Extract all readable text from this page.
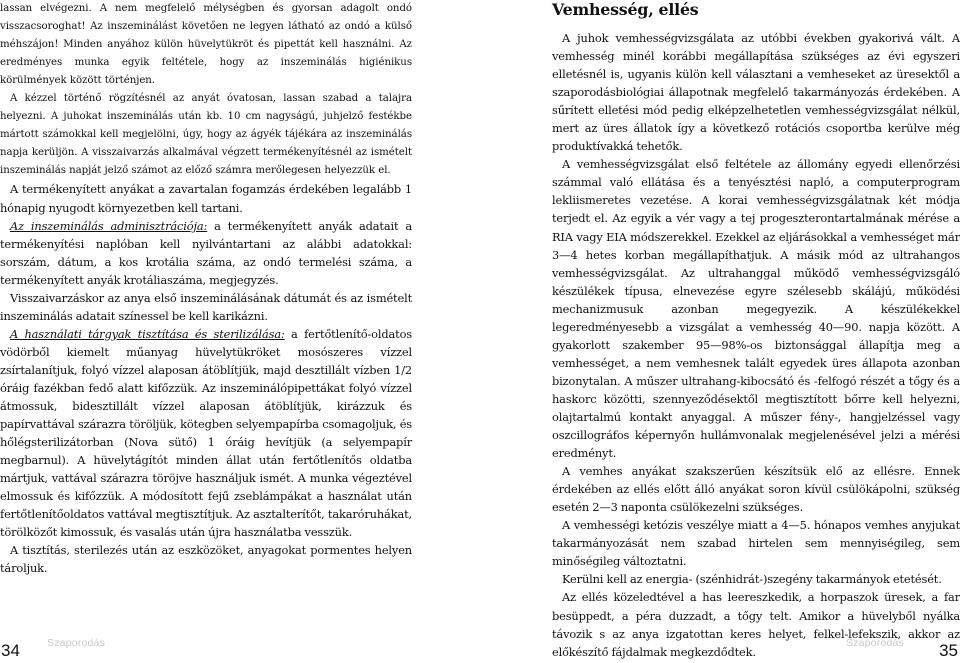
lassan elvégezni. A nem megfelelő mélységben és gyorsan adagolt ondó visszacsoroghat! Az inszeminálást követően ne legyen látható az ondó a külső méhszájon! Minden anyához külön hüvelytükröt és pipettát kell használni. Az eredményes munka egyik feltétele, hogy az inszeminálás higiénikus körülmények között történjen.

A kézzel történő rögzítésnél az anyát óvatosan, lassan szabad a talajra helyezni. A juhokat inszeminálás után kb. 10 cm nagyságú, juhjelző festékbe mártott számokkal kell megjelölni, úgy, hogy az ágyék tájékára az inszeminálás napja kerüljön. A visszaivarzás alkalmával végzett termékenyítésnél az ismételt inszeminálás napját jelző számot az előző számra merőlegesen helyezzük el.

A termékenyített anyákat a zavartalan fogamzás érdekében legalább 1 hónapig nyugodt környezetben kell tartani.

Az inszeminálás adminisztrációja: a termékenyített anyák adatait a termékenyítési naplóban kell nyilvántartani az alábbi adatokkal: sorszám, dátum, a kos krotália száma, az ondó termelési száma, a termékenyített anyák krotáliaszáma, megjegyzés.

Visszaivarzáskor az anya első inszeminálásának dátumát és az ismételt inszeminálás adatait színessel be kell karikázni.

A használati tárgyak tisztítása és sterilizálása: a fertőtlenítő-oldatos vödörből kiemelt műanyag hüvelytükröket mosószeres vízzel zsírtalanítjuk, folyó vízzel alaposan átöblítjük, majd desztillált vízben 1/2 óráig fazékban fedő alatt kifőzzük. Az inszeminálópipettákat folyó vízzel átmossuk, bidesztillált vízzel alaposan átöblítjük, kirázzuk és papírvattával szárazra töröljük, kötegben selyempapírba csomagoljuk, és hőlégsterilizátorban (Nova sütő) 1 óráig hevítjük (a selyempapír megbarnul). A hüvelytágítót minden állat után fertőtlenítős oldatba mártjuk, vattával szárazra töröjve használjuk ismét. A munka végeztével elmossuk és kifőzzük. A módosított fejű zseblámpákat a használat után fertőtlenítőoldatos vattával megtisztítjuk. Az asztalterítőt, takaróruhákat, törölközőt kimossuk, és vasalás után újra használatba vesszük.

A tisztítás, sterilezés után az eszközöket, anyagokat pormentes helyen tároljuk.

Vemhesség, ellés

A juhok vemhességvizsgálata az utóbbi években gyakorivá vált. A vemhesség minél korábbi megállapítása szükséges az évi egyszeri elletésnél is, ugyanis külön kell választani a vemheseket az üresektől a szaporodásbiológiai állapotnak megfelelő takarmányozás érdekében. A sűrített elletési mód pedig elképzelhetetlen vemhességvizsgálat nélkül, mert az üres állatok így a következő rotációs csoportba kerülve még produktívakká tehetők.

A vemhességvizsgálat első feltétele az állomány egyedi ellenőrzési számmal való ellátása és a tenyésztési napló, a computerprogram lekliismeretes vezetése. A korai vemhességvizsgálatnak két módja terjedt el. Az egyik a vér vagy a tej progeszterontartalmának mérése a RIA vagy EIA módszerekkel. Ezekkel az eljárásokkal a vemhességet már 3—4 hetes korban megállapíthatjuk. A másik mód az ultrahangos vemhességvizsgálat. Az ultrahanggal működő vemhességvizsgáló készülékek típusa, elnevezése egyre szélesebb skálájú, működési mechanizmusuk azonban megegyezik. A készülékekkel legeredményesebb a vizsgálat a vemhesség 40—90. napja között. A gyakorlott szakember 95—98%-os biztonsággal állapítja meg a vemhességet, a nem vemhesnek talált egyedek üres állapota azonban bizonytalan. A műszer ultrahang-kibocsátó és -felfogó részét a tőgy és a haskorc közötti, szennyeződésektől megtisztított bőrre kell helyezni, olajtartalmú kontakt anyaggal. A műszer fény-, hangjelzéssel vagy oszcillográfos képernyőn hullámvonalak megjelenésével jelzi a mérési eredményt.

A vemhes anyákat szakszerűen készítsük elő az ellésre. Ennek érdekében az ellés előtt álló anyákat soron kívül csülökápolni, szükség esetén 2—3 naponta csülökezelni szükséges.

A vemhességi ketózis veszélye miatt a 4—5. hónapos vemhes anyjukat takarmányozását nem szabad hirtelen sem mennyiségileg, sem minőségileg változtatni.

Kerülni kell az energia- (szénhidrát-)szegény takarmányok etetését.

Az ellés közeledtével a has leereszkedik, a horpaszok üresek, a far besüppedt, a péra duzzadt, a tőgy telt. Amikor a hüvelyből nyálka távozik s az anya izgatottan keres helyet, felkel-lefekszik, akkor az előkészítő fájdalmak megkezdődtek.

34	Szaporodás	Szaporodás 35
